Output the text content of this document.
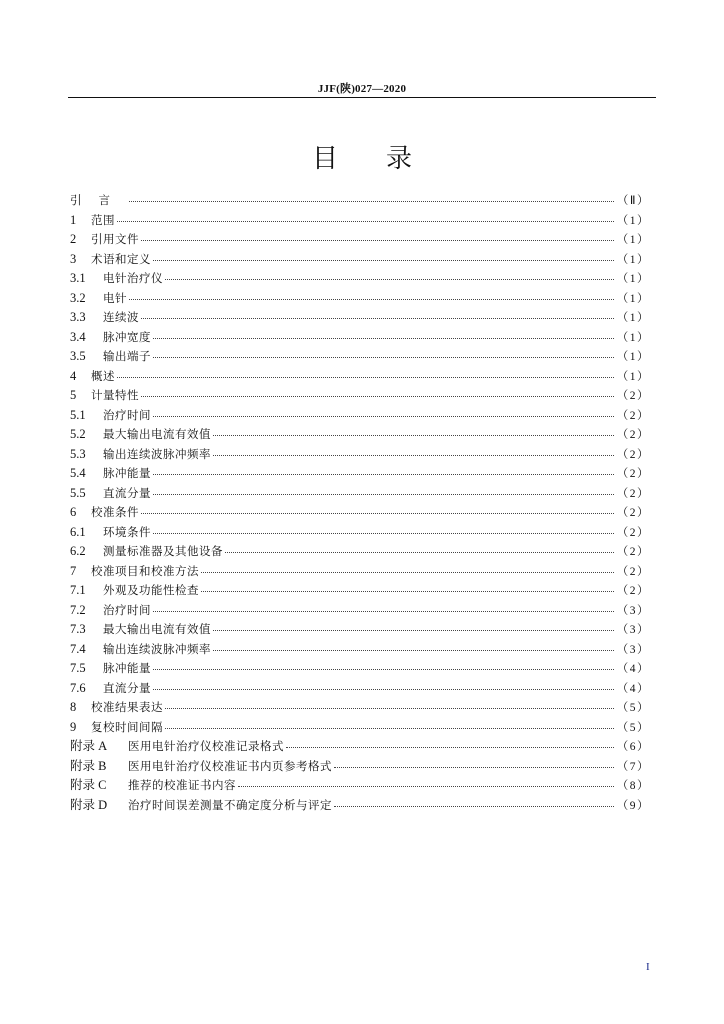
JJF(陕)027—2020
目 录
引言	（Ⅱ）
1	范围	（1）
2	引用文件	（1）
3	术语和定义	（1）
3.1	电针治疗仪	（1）
3.2	电针	（1）
3.3	连续波	（1）
3.4	脉冲宽度	（1）
3.5	输出端子	（1）
4	概述	（1）
5	计量特性	（2）
5.1	治疗时间	（2）
5.2	最大输出电流有效值	（2）
5.3	输出连续波脉冲频率	（2）
5.4	脉冲能量	（2）
5.5	直流分量	（2）
6	校准条件	（2）
6.1	环境条件	（2）
6.2	测量标准器及其他设备	（2）
7	校准项目和校准方法	（2）
7.1	外观及功能性检查	（2）
7.2	治疗时间	（3）
7.3	最大输出电流有效值	（3）
7.4	输出连续波脉冲频率	（3）
7.5	脉冲能量	（4）
7.6	直流分量	（4）
8	校准结果表达	（5）
9	复校时间间隔	（5）
附录 A	医用电针治疗仪校准记录格式	（6）
附录 B	医用电针治疗仪校准证书内页参考格式	（7）
附录 C	推荐的校准证书内容	（8）
附录 D	治疗时间误差测量不确定度分析与评定	（9）
I
